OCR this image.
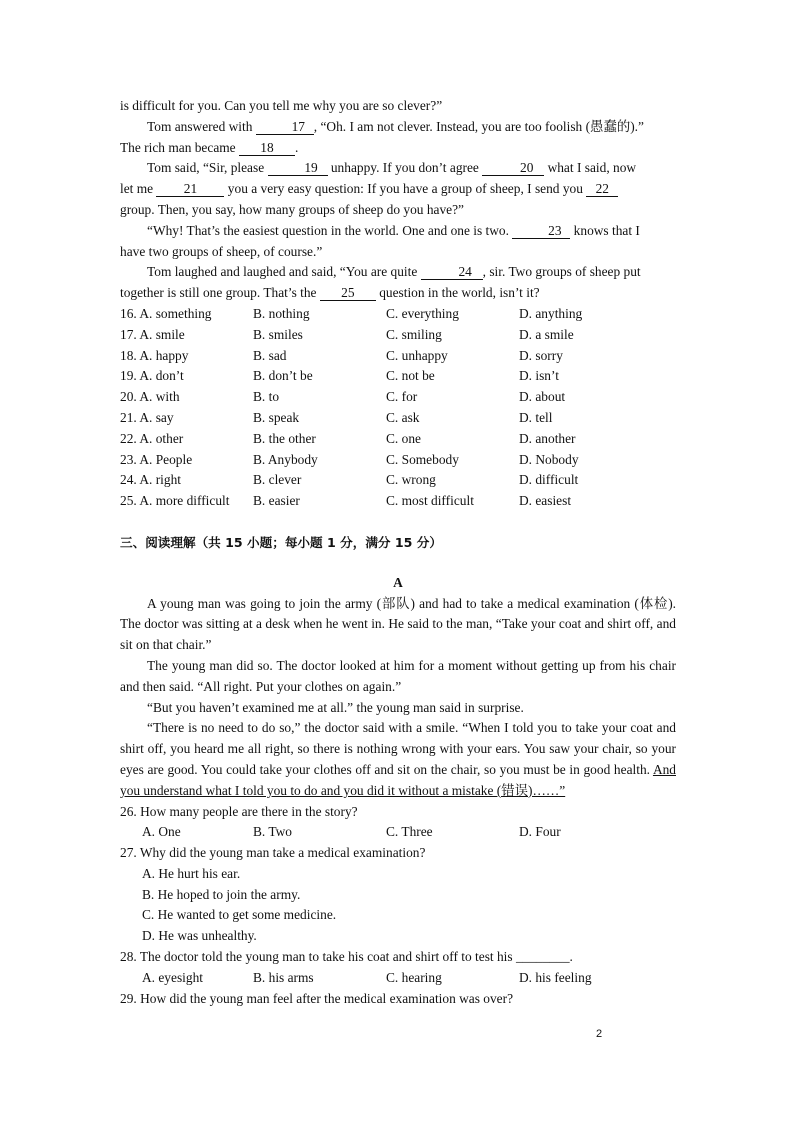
is difficult for you. Can you tell me why you are so clever?”

Tom answered with	17 , “Oh. I am not clever. Instead, you are too foolish (愚蠢的).”

The rich man became 18 .

Tom said, “Sir, please	19 unhappy. If you don’t agree	20 what I said, now

let me 21 you a very easy question: If you have a group of sheep, I send you 22

group. Then, you say, how many groups of sheep do you have?”

“Why! That’s the easiest question in the world. One and one is two.	23 knows that I

have two groups of sheep, of course.”

Tom laughed and laughed and said, “You are quite	24 , sir. Two groups of sheep put

together is still one group. That’s the 25 question in the world, isn’t it?

16. A. something	B. nothing	C. everything	D. anything
17. A. smile	B. smiles	C. smiling	D. a smile
18. A. happy	B. sad	C. unhappy	D. sorry
19. A. don’t	B. don’t be	C. not be	D. isn’t
20. A. with	B. to	C. for	D. about
21. A. say	B. speak	C. ask	D. tell
22. A. other	B. the other	C. one	D. another
23. A. People	B. Anybody	C. Somebody	D. Nobody
24. A. right	B. clever	C. wrong	D. difficult
25. A. more difficult	B. easier	C. most difficult	D. easiest
三、阅读理解（共 15 小题；每小题 1 分，满分 15 分）
A

A young man was going to join the army (部队) and had to take a medical examination (体检). The doctor was sitting at a desk when he went in. He said to the man, “Take your coat and shirt off, and sit on that chair.”

The young man did so. The doctor looked at him for a moment without getting up from his chair and then said. “All right. Put your clothes on again.”

“But you haven’t examined me at all.” the young man said in surprise.

“There is no need to do so,” the doctor said with a smile. “When I told you to take your coat and shirt off, you heard me all right, so there is nothing wrong with your ears. You saw your chair, so your eyes are good. You could take your clothes off and sit on the chair, so you must be in good health. And you understand what I told you to do and you did it without a mistake (错误)……”

26. How many people are there in the story?

A. One	B. Two	C. Three	D. Four

27. Why did the young man take a medical examination?

A. He hurt his ear.
B. He hoped to join the army.
C. He wanted to get some medicine.
D. He was unhealthy.

28. The doctor told the young man to take his coat and shirt off to test his ________.

A. eyesight	B. his arms	C. hearing	D. his feeling

29. How did the young man feel after the medical examination was over?

2
